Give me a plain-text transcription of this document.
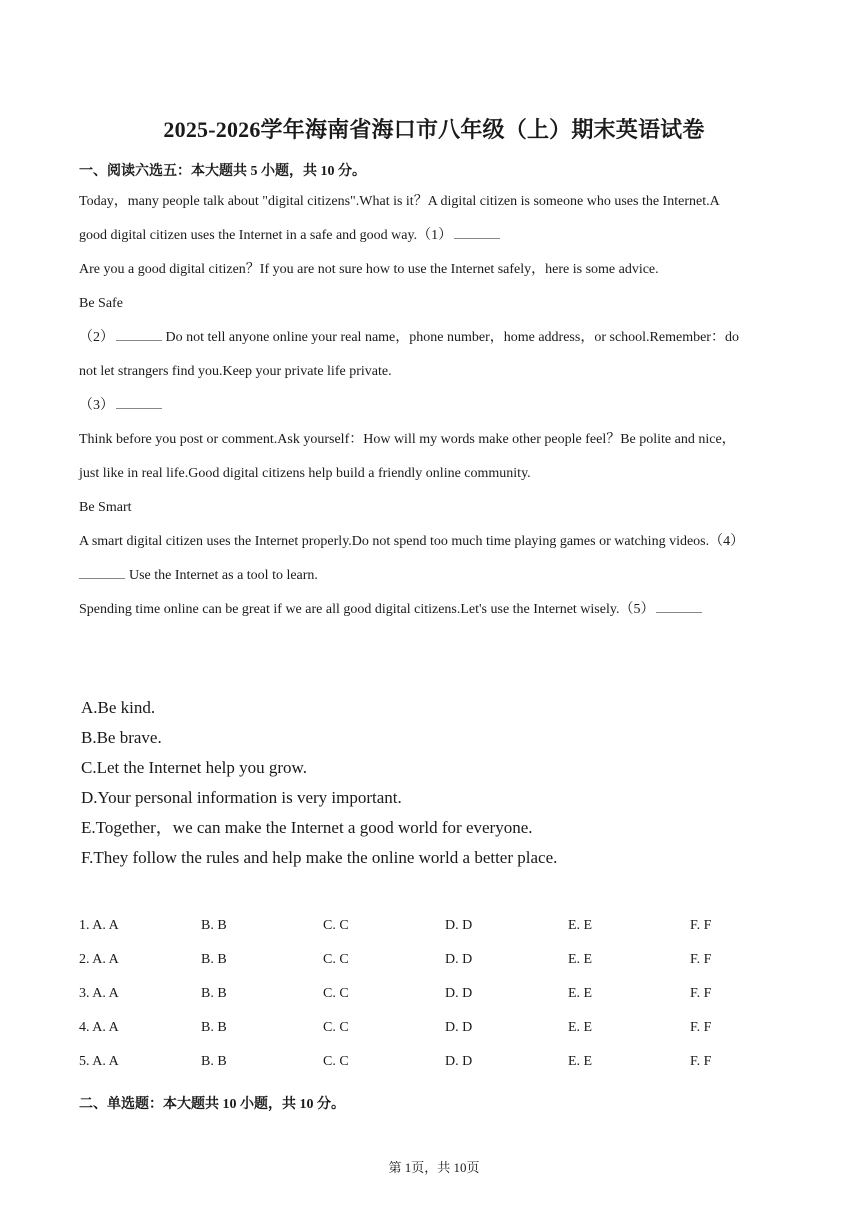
2025-2026学年海南省海口市八年级（上）期末英语试卷
一、阅读六选五：本大题共 5 小题，共 10 分。
Today，many people talk about "digital citizens".What is it？A digital citizen is someone who uses the Internet.A
good digital citizen uses the Internet in a safe and good way.（1）
Are you a good digital citizen？If you are not sure how to use the Internet safely，here is some advice.
Be Safe
（2）	Do not tell anyone online your real name，phone number，home address，or school.Remember：do
not let strangers find you.Keep your private life private.
（3）
Think before you post or comment.Ask yourself：How will my words make other people feel？Be polite and nice，
just like in real life.Good digital citizens help build a friendly online community.
Be Smart
A smart digital citizen uses the Internet properly.Do not spend too much time playing games or watching videos.（4）
Use the Internet as a tool to learn.
Spending time online can be great if we are all good digital citizens.Let's use the Internet wisely.（5）
A.Be kind.
B.Be brave.
C.Let the Internet help you grow.
D.Your personal information is very important.
E.Together，we can make the Internet a good world for everyone.
F.They follow the rules and help make the online world a better place.
1. A. A	B. B	C. C	D. D	E. E	F. F
2. A. A	B. B	C. C	D. D	E. E	F. F
3. A. A	B. B	C. C	D. D	E. E	F. F
4. A. A	B. B	C. C	D. D	E. E	F. F
5. A. A	B. B	C. C	D. D	E. E	F. F
二、单选题：本大题共 10 小题，共 10 分。
第 1页，共 10页
